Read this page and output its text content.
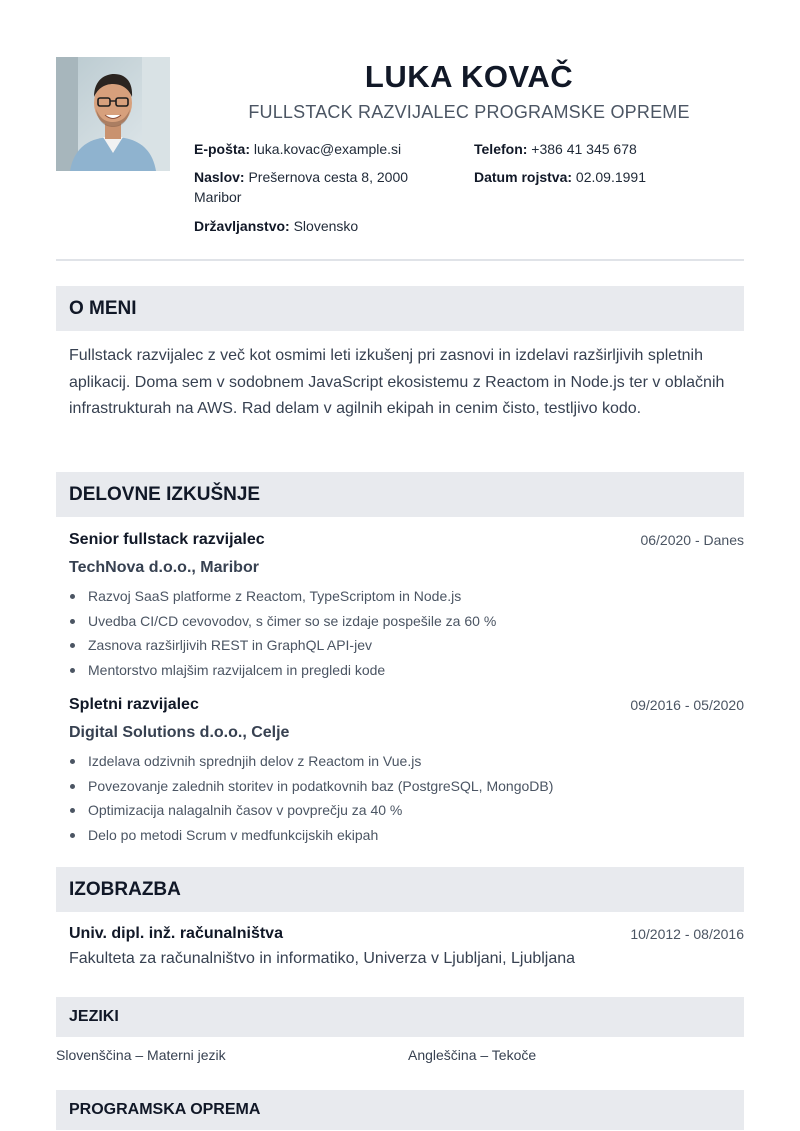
LUKA KOVAČ
FULLSTACK RAZVIJALEC PROGRAMSKE OPREME
E-pošta: luka.kovac@example.si	Telefon: +386 41 345 678
Naslov: Prešernova cesta 8, 2000 Maribor
Datum rojstva: 02.09.1991
Državljanstvo: Slovensko
O MENI
Fullstack razvijalec z več kot osmimi leti izkušenj pri zasnovi in izdelavi razširljivih spletnih aplikacij. Doma sem v sodobnem JavaScript ekosistemu z Reactom in Node.js ter v oblačnih infrastrukturah na AWS. Rad delam v agilnih ekipah in cenim čisto, testljivo kodo.
DELOVNE IZKUŠNJE
Senior fullstack razvijalec	06/2020 - Danes
TechNova d.o.o., Maribor
Razvoj SaaS platforme z Reactom, TypeScriptom in Node.js
Uvedba CI/CD cevovodov, s čimer so se izdaje pospešile za 60 %
Zasnova razširljivih REST in GraphQL API-jev
Mentorstvo mlajšim razvijalcem in pregledi kode
Spletni razvijalec	09/2016 - 05/2020
Digital Solutions d.o.o., Celje
Izdelava odzivnih sprednjih delov z Reactom in Vue.js
Povezovanje zalednih storitev in podatkovnih baz (PostgreSQL, MongoDB)
Optimizacija nalagalnih časov v povprečju za 40 %
Delo po metodi Scrum v medfunkcijskih ekipah
IZOBRAZBA
Univ. dipl. inž. računalništva	10/2012 - 08/2016
Fakulteta za računalništvo in informatiko, Univerza v Ljubljani, Ljubljana
JEZIKI
Slovenščina – Materni jezik	Angleščina – Tekoče
PROGRAMSKA OPREMA
